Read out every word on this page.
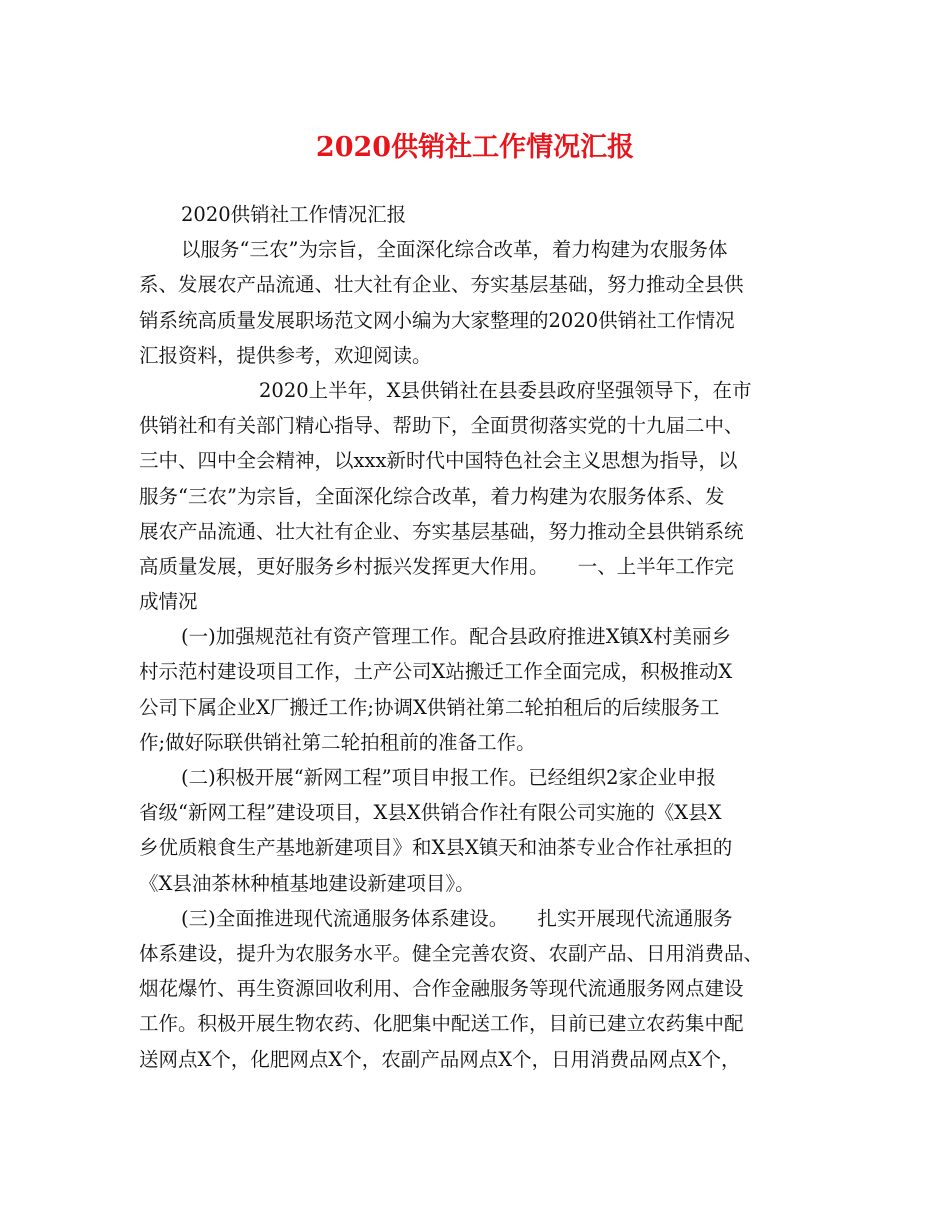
2020供销社工作情况汇报
2020供销社工作情况汇报
以服务“三农”为宗旨，全面深化综合改革，着力构建为农服务体
系、发展农产品流通、壮大社有企业、夯实基层基础，努力推动全县供
销系统高质量发展职场范文网小编为大家整理的2020供销社工作情况
汇报资料，提供参考，欢迎阅读。
2020上半年，X县供销社在县委县政府坚强领导下，在市
供销社和有关部门精心指导、帮助下，全面贯彻落实党的十九届二中、
三中、四中全会精神，以xxx新时代中国特色社会主义思想为指导，以
服务“三农”为宗旨，全面深化综合改革，着力构建为农服务体系、发
展农产品流通、壮大社有企业、夯实基层基础，努力推动全县供销系统
高质量发展，更好服务乡村振兴发挥更大作用。　　一、上半年工作完
成情况
(一)加强规范社有资产管理工作。配合县政府推进X镇X村美丽乡
村示范村建设项目工作，土产公司X站搬迁工作全面完成，积极推动X
公司下属企业X厂搬迁工作;协调X供销社第二轮拍租后的后续服务工
作;做好际联供销社第二轮拍租前的准备工作。
(二)积极开展“新网工程”项目申报工作。已经组织2家企业申报
省级“新网工程”建设项目，X县X供销合作社有限公司实施的《X县X
乡优质粮食生产基地新建项目》和X县X镇天和油茶专业合作社承担的
《X县油茶林种植基地建设新建项目》。
(三)全面推进现代流通服务体系建设。　　扎实开展现代流通服务
体系建设，提升为农服务水平。健全完善农资、农副产品、日用消费品、
烟花爆竹、再生资源回收利用、合作金融服务等现代流通服务网点建设
工作。积极开展生物农药、化肥集中配送工作，目前已建立农药集中配
送网点X个，化肥网点X个，农副产品网点X个，日用消费品网点X个，
